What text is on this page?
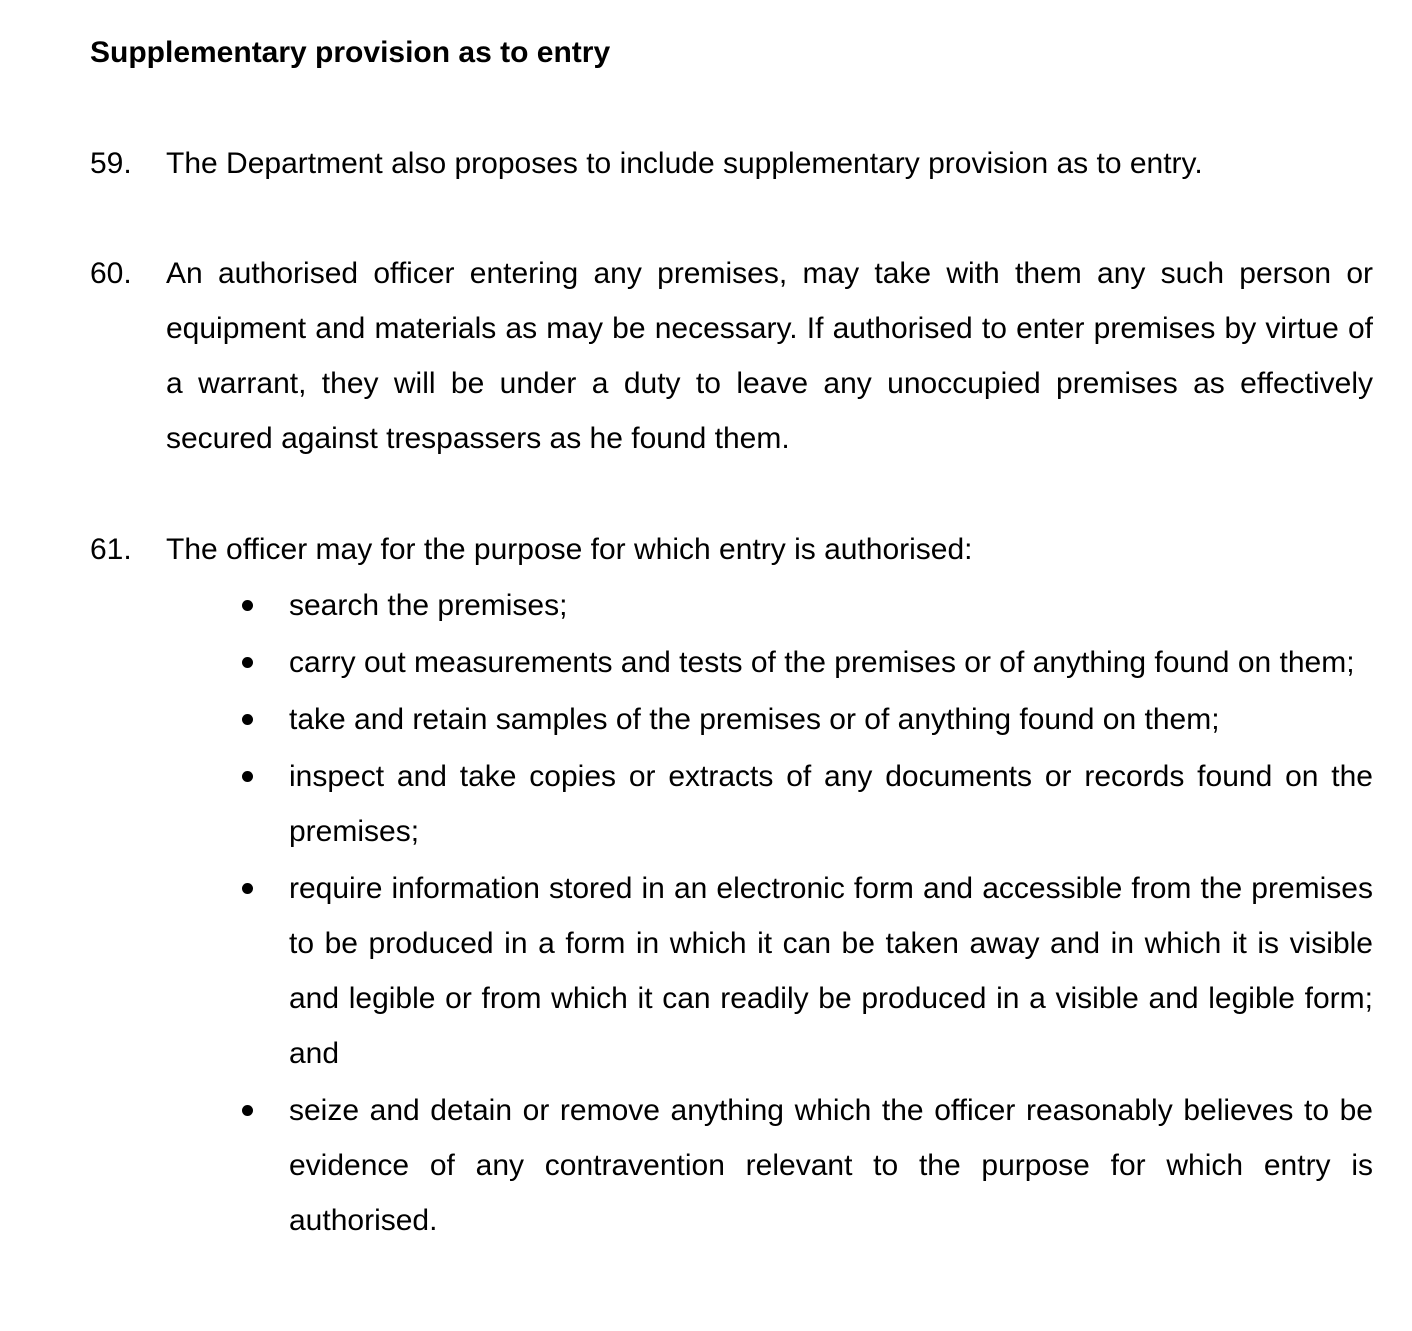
Supplementary provision as to entry
59. The Department also proposes to include supplementary provision as to entry.
60. An authorised officer entering any premises, may take with them any such person or equipment and materials as may be necessary. If authorised to enter premises by virtue of a warrant, they will be under a duty to leave any unoccupied premises as effectively secured against trespassers as he found them.
61. The officer may for the purpose for which entry is authorised:
search the premises;
carry out measurements and tests of the premises or of anything found on them;
take and retain samples of the premises or of anything found on them;
inspect and take copies or extracts of any documents or records found on the premises;
require information stored in an electronic form and accessible from the premises to be produced in a form in which it can be taken away and in which it is visible and legible or from which it can readily be produced in a visible and legible form; and
seize and detain or remove anything which the officer reasonably believes to be evidence of any contravention relevant to the purpose for which entry is authorised.
